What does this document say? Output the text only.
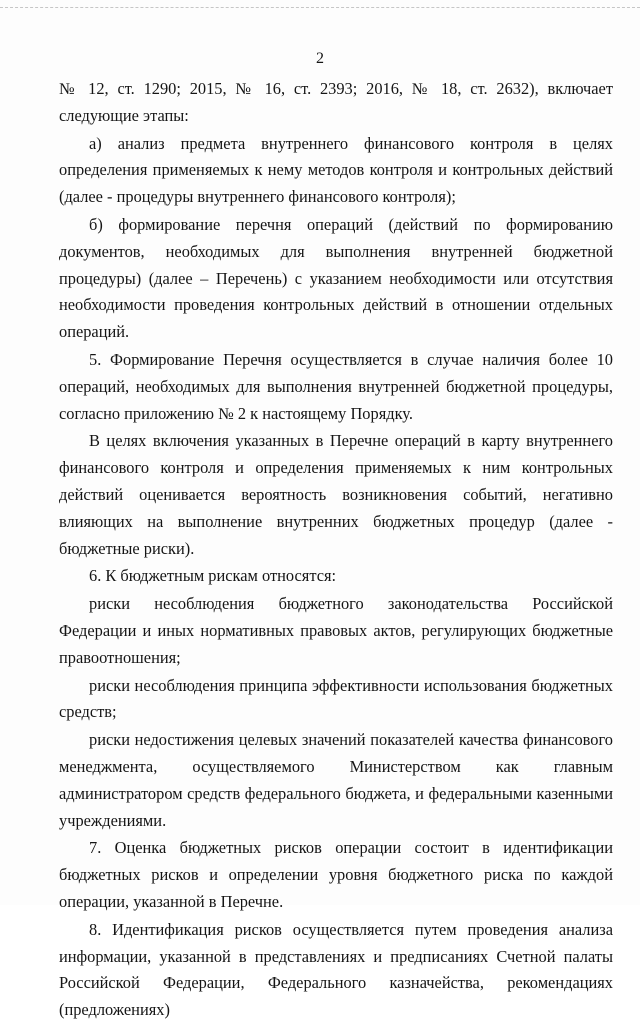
2

№ 12, ст. 1290; 2015, № 16, ст. 2393; 2016, № 18, ст. 2632), включает следующие этапы:

а) анализ предмета внутреннего финансового контроля в целях определения применяемых к нему методов контроля и контрольных действий (далее - процедуры внутреннего финансового контроля);

б) формирование перечня операций (действий по формированию документов, необходимых для выполнения внутренней бюджетной процедуры) (далее – Перечень) с указанием необходимости или отсутствия необходимости проведения контрольных действий в отношении отдельных операций.

5. Формирование Перечня осуществляется в случае наличия более 10 операций, необходимых для выполнения внутренней бюджетной процедуры, согласно приложению № 2 к настоящему Порядку.

В целях включения указанных в Перечне операций в карту внутреннего финансового контроля и определения применяемых к ним контрольных действий оценивается вероятность возникновения событий, негативно влияющих на выполнение внутренних бюджетных процедур (далее - бюджетные риски).

6. К бюджетным рискам относятся:

риски несоблюдения бюджетного законодательства Российской Федерации и иных нормативных правовых актов, регулирующих бюджетные правоотношения;

риски несоблюдения принципа эффективности использования бюджетных средств;

риски недостижения целевых значений показателей качества финансового менеджмента, осуществляемого Министерством как главным администратором средств федерального бюджета, и федеральными казенными учреждениями.

7. Оценка бюджетных рисков операции состоит в идентификации бюджетных рисков и определении уровня бюджетного риска по каждой операции, указанной в Перечне.

8. Идентификация рисков осуществляется путем проведения анализа информации, указанной в представлениях и предписаниях Счетной палаты Российской Федерации, Федерального казначейства, рекомендациях (предложениях)
